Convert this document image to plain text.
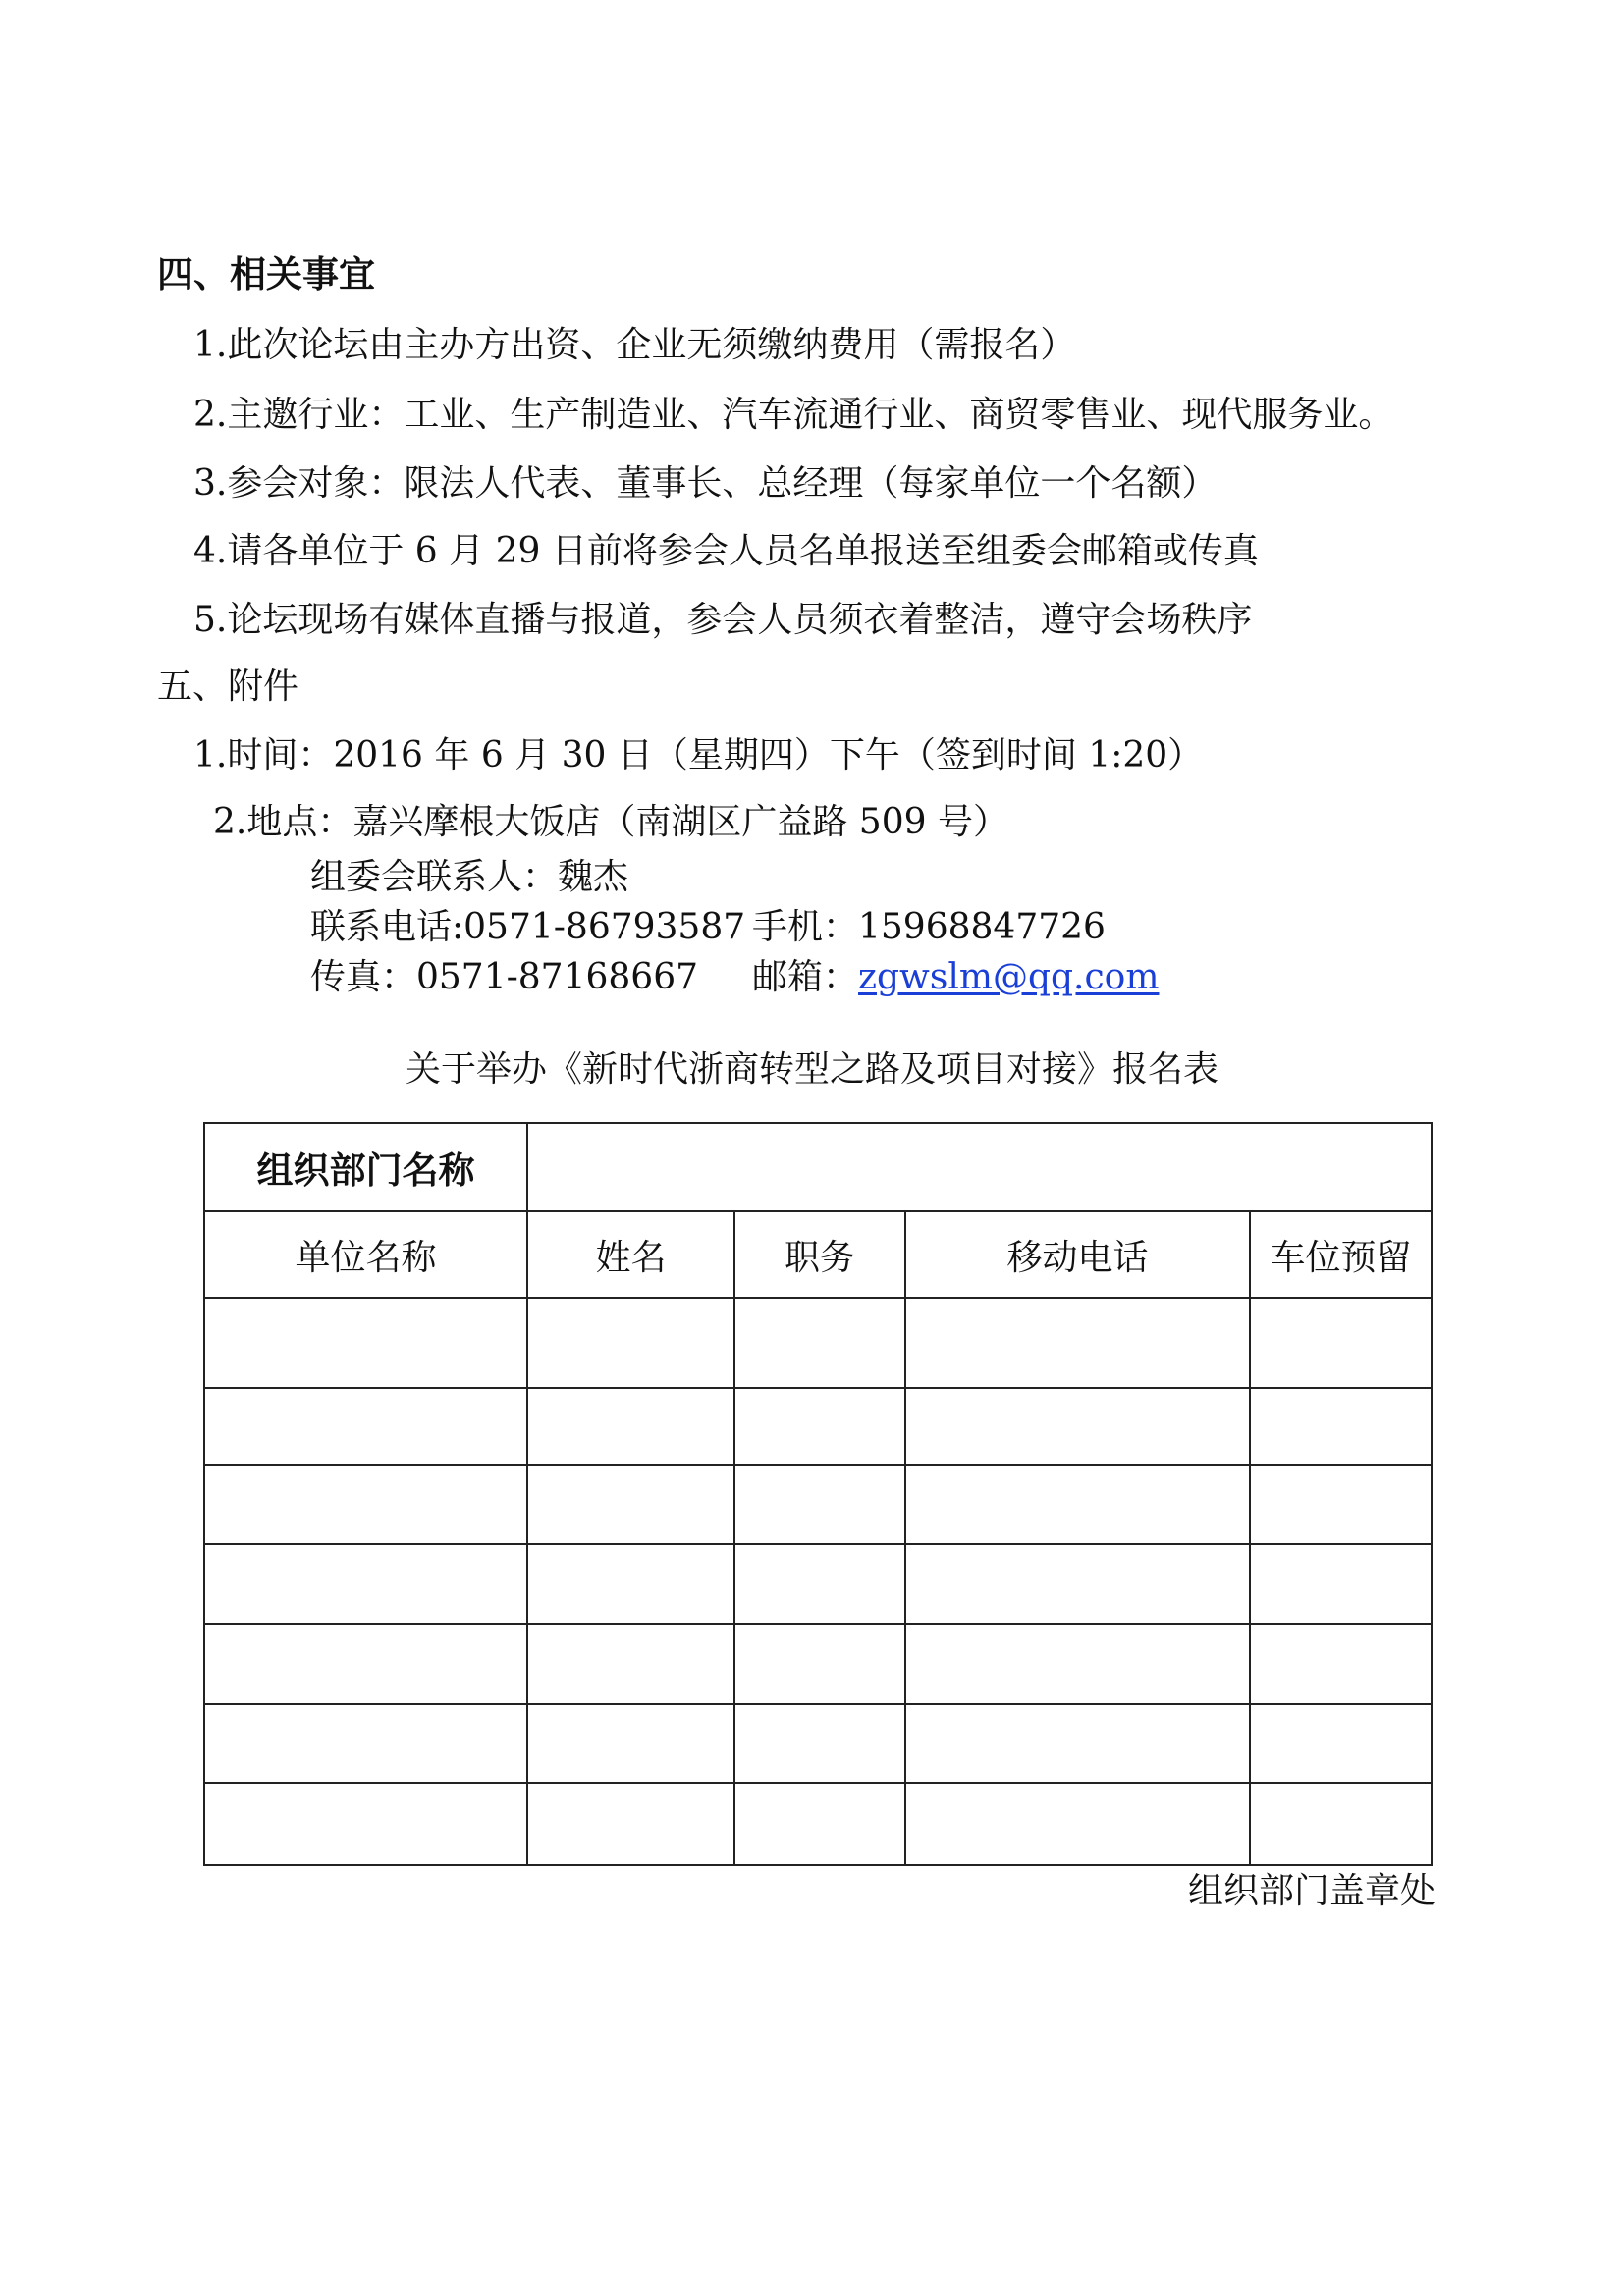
四、相关事宜
1.此次论坛由主办方出资、企业无须缴纳费用（需报名）
2.主邀行业：工业、生产制造业、汽车流通行业、商贸零售业、现代服务业。
3.参会对象：限法人代表、董事长、总经理（每家单位一个名额）
4.请各单位于 6 月 29 日前将参会人员名单报送至组委会邮箱或传真
5.论坛现场有媒体直播与报道，参会人员须衣着整洁，遵守会场秩序
五、附件
1.时间：2016 年 6 月 30 日（星期四）下午（签到时间 1:20）
2.地点：嘉兴摩根大饭店（南湖区广益路 509 号）
组委会联系人：魏杰
联系电话:0571-86793587 手机：15968847726
传真：0571-87168667 邮箱：zgwslm@qq.com
关于举办《新时代浙商转型之路及项目对接》报名表
组织部门名称				
单位名称	姓名	职务	移动电话	车位预留

组织部门盖章处
